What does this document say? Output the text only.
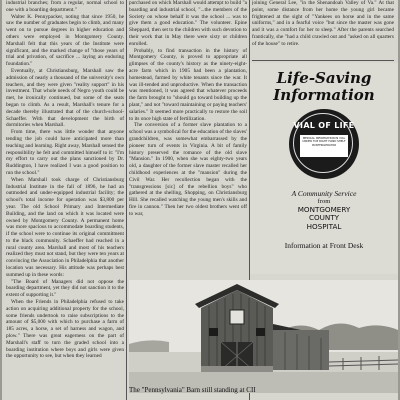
industrial branches; from a regular, normal school to one with a boarding department."

Walter K. Pennypacker, noting that since 1950, he saw the number of graduates begin to climb, and many went on to pursue degrees in higher education and others were employed in Montgomery County. Marshall felt that this years of the Institute were significant, and the marked change of "those years of trial and privation, of sacrifice ... laying an enduring foundation."

Eventually, at Christiansburg, Marshall saw the admission of nearly a thousand of the university's own teachers, and they were given "reality support" in his investment. That whole needs of Negro youth could be met, he ironically continued, but some of the seats began to climb. As a result, Marshall's tenure for a decade thereby illustrated that of the church-school-Schaeffer. With that development the birth of dormitories when Marshall.

From time, there was little wonder that anyone tending the job could have anticipated more than teaching and learning. Right away, Marshall sensed the responsibility he felt and committed himself to it: "I'm my effort to carry out the plans sanctioned by Dr. Ruddington, I have realized I was a good position to run the school."

When Marshall took charge of Christiansburg Industrial Institute in the fall of 1896, he had an outmoded and under-equipped industrial facility; the school's total income for operation was $3,800 per year. The old School Primary and Intermediate Building, and the land on which it was located were owned by Montgomery County. A permanent home was more spacious to accommodate boarding students, if the school were to continue its original commitment to the black community. Schaeffer had reached in a rural county area. Marshall and most of his teachers realized they must not stand, but they were ten years at convincing the Association in Philadelphia that another location was necessary. His attitude was perhaps best summed up in these words:

"The Board of Managers did not oppose the boarding department, yet they did not sanction it to the extent of supporting it."

When the Friends in Philadelphia refused to take action on acquiring additional property for the school, some friends undertook to raise subscriptions to the amount of $5,000 with which to purchase a farm of 185 acres, a horse, a set of harness and wagon, and plow." There was great eagerness on the part of Marshall's staff to turn the graded school into a boarding institution where boys and girls were given the opportunity to see, but when they learned

purchased on which Marshall would attempt to build "a boarding and industrial school, "...the members of the Society on whose behalf it was the school ... was to give them a good education." The volunteer. Epine Sheppard, then set to the children with such devotion to their work that in May there were sixty or children enrolled.

Probably, to find transaction in the history of Montgomery County, is proved to appropriate all glimpses of the county's history as the ninety-eight-acre farm which in 1905 had been a plantation, homestead, farmed by white tenants since the war. It was ill-tended and unproductive. When the transaction was mentioned, it was agreed that whatever proceeds the farm brought to "should go toward building up the plant," and not "toward maintaining or paying teachers' salaries." It seemed more practically to restore the soil to its once high state of fertilization.

The conversion of a former slave plantation to a school was a symbolical for the education of the slaves' grandchildren, was somewhat embarrassed by the pioneer turn of events in Virginia. A bit of family history preserved the romance of the old slave "Mansion." In 1900, when she was eighty-two years old, a daughter of the former slave master recalled her childhood experiences at the "mansion" during the Civil War. Her recollection began with the "transgressions [sic] of the rebellion boys" who gathered at the shelling, Shopping, on Christiansburg Hill. She recalled watching the young men's skills and fire in cannon." Then her two oldest brothers went off to war,

joining General Lee, "in the Shenandoah Valley of Va." At that point, some distance from her home the young girl became frightened at the sight of "Yankees on horse and in the same uniforms," and in a fearful voice "but since the master was gone and it was a comfort for her to sleep." After the parents searched frantically, she "had a child crawled out and "asked on all quarters of the house" to retire.

Life-Saving
Information
VIAL OF LIFE
MEDICAL INFORMATION IN VIAL UNDER TOP RIGHT HAND SHELF IN REFRIGERATOR
A Community Service
from
MONTGOMERY
COUNTY
HOSPITAL
Information at Front Desk
The "Pennsylvania" Barn still standing at CII
